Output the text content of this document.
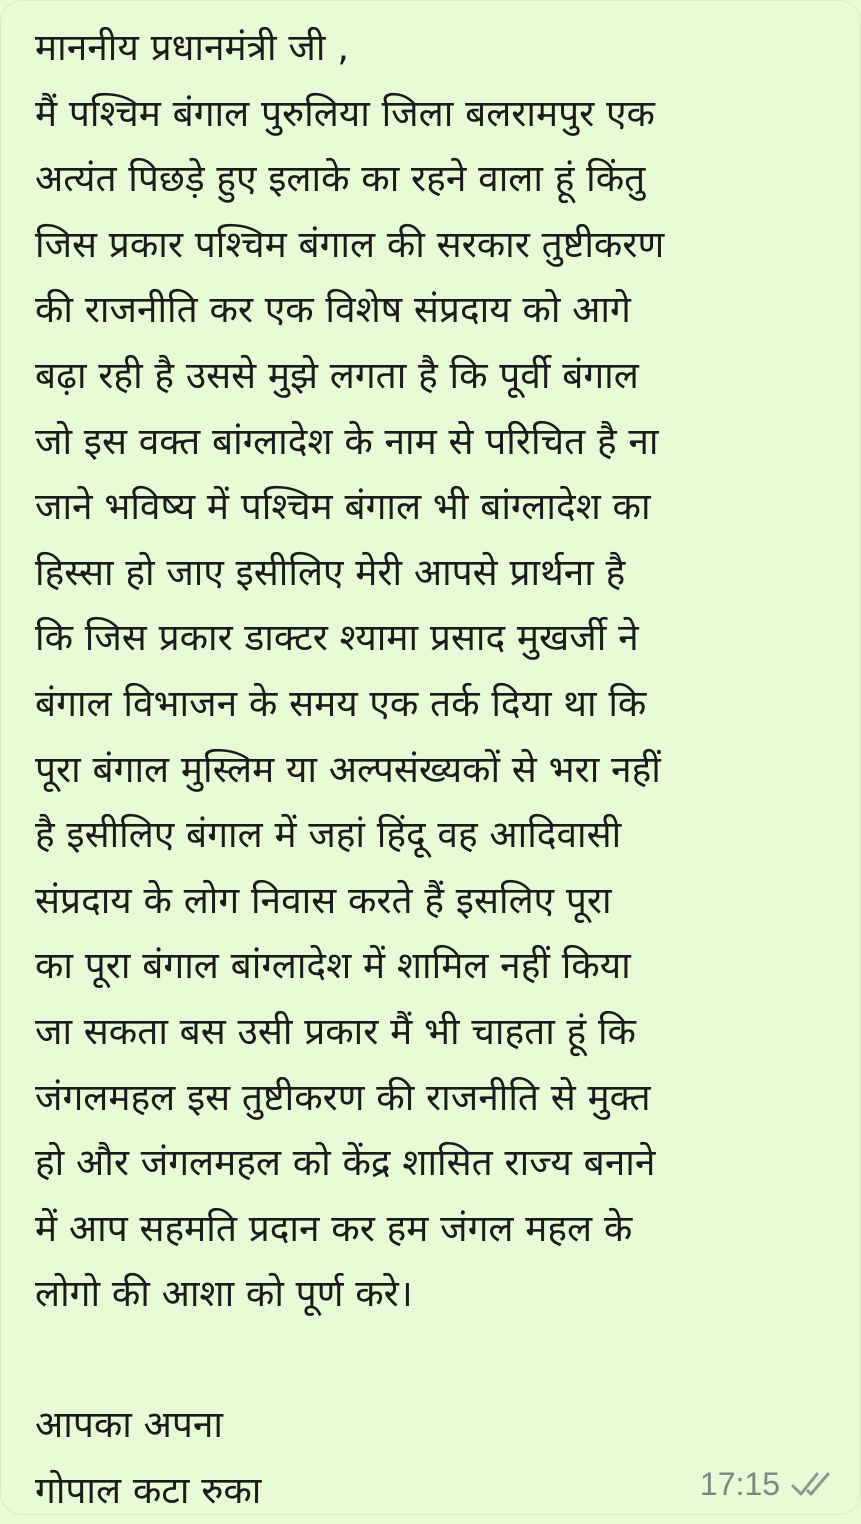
माननीय प्रधानमंत्री जी ,
मैं पश्चिम बंगाल पुरुलिया जिला बलरामपुर एक
अत्यंत पिछड़े हुए इलाके का रहने वाला हूं किंतु
जिस प्रकार पश्चिम बंगाल की सरकार तुष्टीकरण
की राजनीति कर एक विशेष संप्रदाय को आगे
बढ़ा रही है उससे मुझे लगता है कि पूर्वी बंगाल
जो इस वक्त बांग्लादेश के नाम से परिचित है ना
जाने भविष्य में पश्चिम बंगाल भी बांग्लादेश का
हिस्सा हो जाए इसीलिए मेरी आपसे प्रार्थना है
कि जिस प्रकार डाक्टर श्यामा प्रसाद मुखर्जी ने
बंगाल विभाजन के समय एक तर्क दिया था कि
पूरा बंगाल मुस्लिम या अल्पसंख्यकों से भरा नहीं
है इसीलिए बंगाल में जहां हिंदू वह आदिवासी
संप्रदाय के लोग निवास करते हैं इसलिए पूरा
का पूरा बंगाल बांग्लादेश में शामिल नहीं किया
जा सकता बस उसी प्रकार मैं भी चाहता हूं कि
जंगलमहल इस तुष्टीकरण की राजनीति से मुक्त
हो और जंगलमहल को केंद्र शासित राज्य बनाने
में आप सहमति प्रदान कर हम जंगल महल के
लोगो की आशा को पूर्ण करे।
आपका अपना
गोपाल कटा रुका	17:15
